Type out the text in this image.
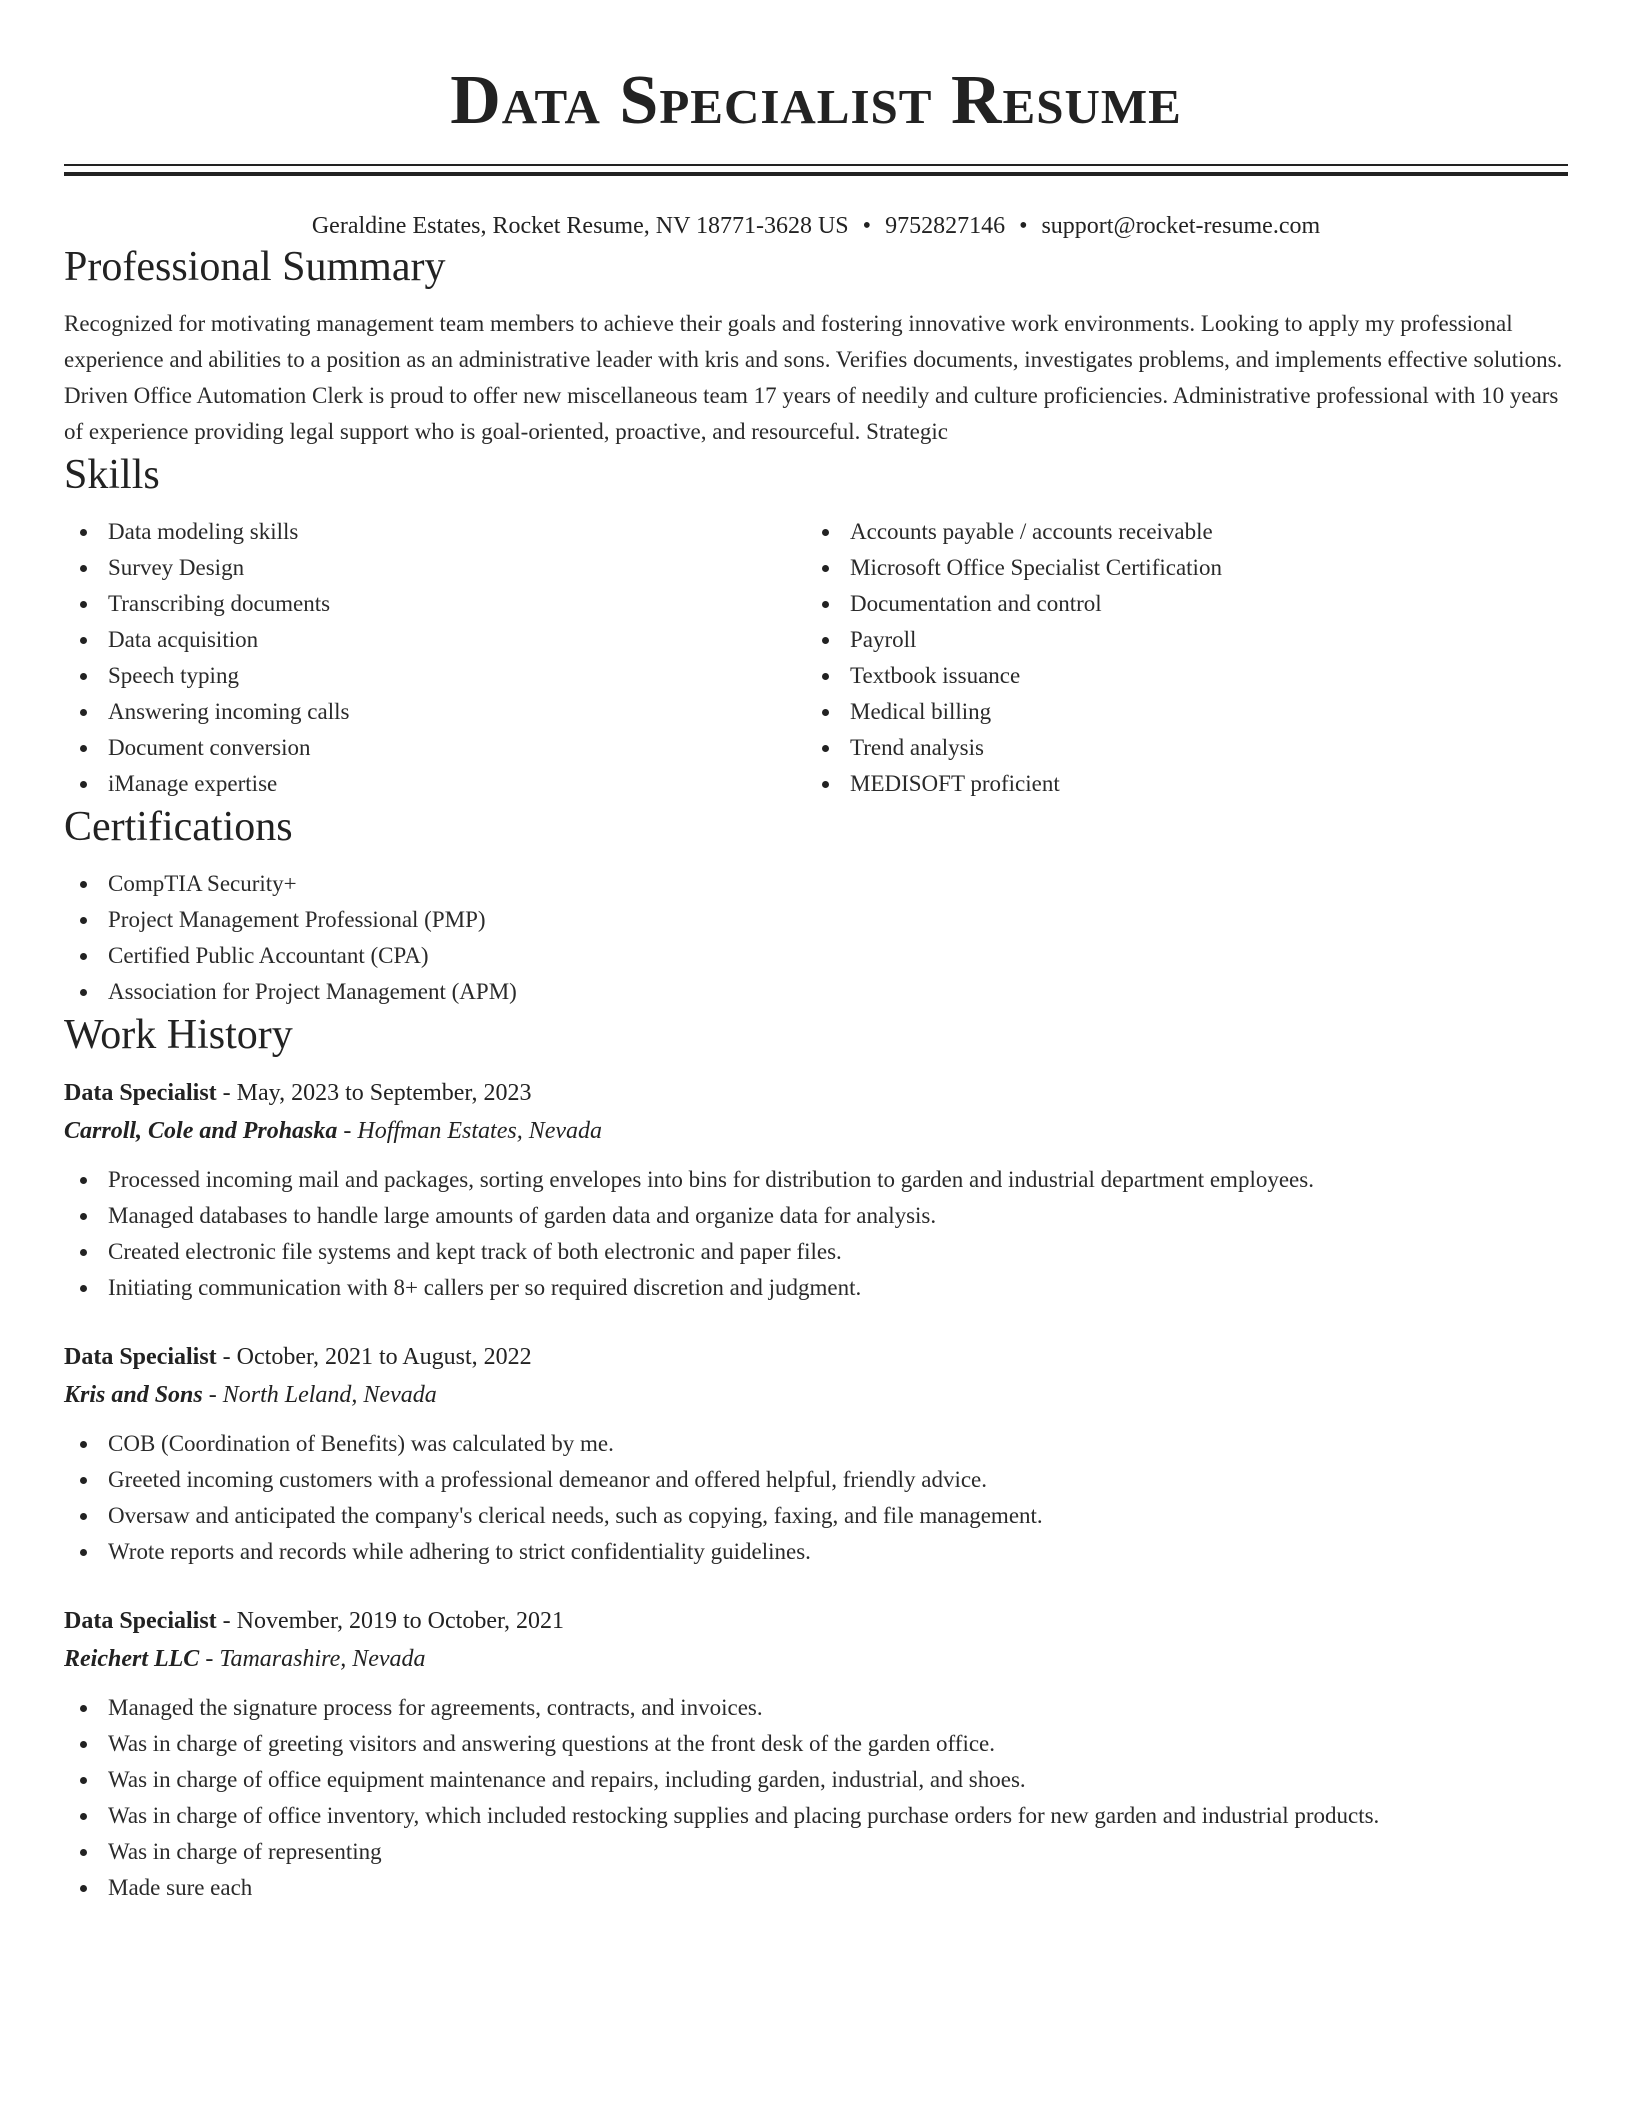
Data Specialist Resume
Geraldine Estates, Rocket Resume, NV 18771-3628 US • 9752827146 • support@rocket-resume.com
Professional Summary
Recognized for motivating management team members to achieve their goals and fostering innovative work environments. Looking to apply my professional experience and abilities to a position as an administrative leader with kris and sons. Verifies documents, investigates problems, and implements effective solutions. Driven Office Automation Clerk is proud to offer new miscellaneous team 17 years of needily and culture proficiencies. Administrative professional with 10 years of experience providing legal support who is goal-oriented, proactive, and resourceful. Strategic
Skills
Data modeling skills
Survey Design
Transcribing documents
Data acquisition
Speech typing
Answering incoming calls
Document conversion
iManage expertise
Accounts payable / accounts receivable
Microsoft Office Specialist Certification
Documentation and control
Payroll
Textbook issuance
Medical billing
Trend analysis
MEDISOFT proficient
Certifications
CompTIA Security+
Project Management Professional (PMP)
Certified Public Accountant (CPA)
Association for Project Management (APM)
Work History
Data Specialist - May, 2023 to September, 2023
Carroll, Cole and Prohaska - Hoffman Estates, Nevada
Processed incoming mail and packages, sorting envelopes into bins for distribution to garden and industrial department employees.
Managed databases to handle large amounts of garden data and organize data for analysis.
Created electronic file systems and kept track of both electronic and paper files.
Initiating communication with 8+ callers per so required discretion and judgment.
Data Specialist - October, 2021 to August, 2022
Kris and Sons - North Leland, Nevada
COB (Coordination of Benefits) was calculated by me.
Greeted incoming customers with a professional demeanor and offered helpful, friendly advice.
Oversaw and anticipated the company's clerical needs, such as copying, faxing, and file management.
Wrote reports and records while adhering to strict confidentiality guidelines.
Data Specialist - November, 2019 to October, 2021
Reichert LLC - Tamarashire, Nevada
Managed the signature process for agreements, contracts, and invoices.
Was in charge of greeting visitors and answering questions at the front desk of the garden office.
Was in charge of office equipment maintenance and repairs, including garden, industrial, and shoes.
Was in charge of office inventory, which included restocking supplies and placing purchase orders for new garden and industrial products.
Was in charge of representing
Made sure each
